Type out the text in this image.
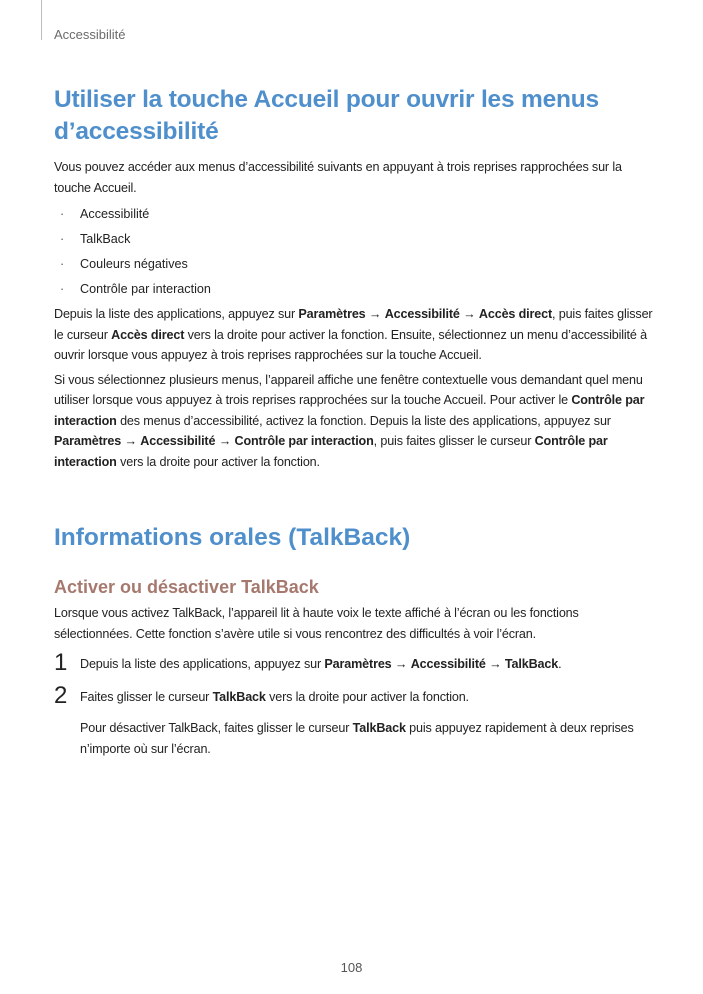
Accessibilité
Utiliser la touche Accueil pour ouvrir les menus d’accessibilité

Vous pouvez accéder aux menus d’accessibilité suivants en appuyant à trois reprises rapprochées sur la touche Accueil.

· Accessibilité
· TalkBack
· Couleurs négatives
· Contrôle par interaction

Depuis la liste des applications, appuyez sur Paramètres → Accessibilité → Accès direct, puis faites glisser le curseur Accès direct vers la droite pour activer la fonction. Ensuite, sélectionnez un menu d’accessibilité à ouvrir lorsque vous appuyez à trois reprises rapprochées sur la touche Accueil.

Si vous sélectionnez plusieurs menus, l’appareil affiche une fenêtre contextuelle vous demandant quel menu utiliser lorsque vous appuyez à trois reprises rapprochées sur la touche Accueil. Pour activer le Contrôle par interaction des menus d’accessibilité, activez la fonction. Depuis la liste des applications, appuyez sur Paramètres → Accessibilité → Contrôle par interaction, puis faites glisser le curseur Contrôle par interaction vers la droite pour activer la fonction.

Informations orales (TalkBack)
Activer ou désactiver TalkBack

Lorsque vous activez TalkBack, l’appareil lit à haute voix le texte affiché à l’écran ou les fonctions sélectionnées. Cette fonction s’avère utile si vous rencontrez des difficultés à voir l’écran.

1 Depuis la liste des applications, appuyez sur Paramètres → Accessibilité → TalkBack.

2 Faites glisser le curseur TalkBack vers la droite pour activer la fonction.

Pour désactiver TalkBack, faites glisser le curseur TalkBack puis appuyez rapidement à deux reprises n’importe où sur l’écran.

108
